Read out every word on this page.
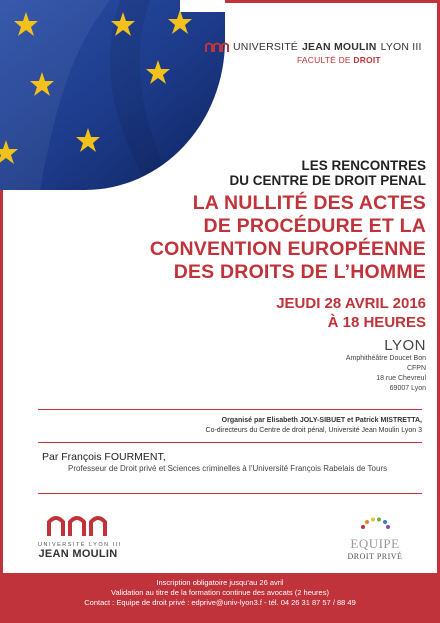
UNIVERSITÉ JEAN MOULIN LYON III
FACULTÉ DE DROIT
LES RENCONTRES
DU CENTRE DE DROIT PENAL
LA NULLITÉ DES ACTES
DE PROCÉDURE ET LA
CONVENTION EUROPÉENNE
DES DROITS DE L’HOMME
JEUDI 28 AVRIL 2016
À 18 HEURES
LYON
Amphithéâtre Doucet Bon
CFPN
18 rue Chevreul
69007 Lyon
Organisé par Elisabeth JOLY-SIBUET et Patrick MISTRETTA,
Co-directeurs du Centre de droit pénal, Université Jean Moulin Lyon 3
Par François FOURMENT,
Professeur de Droit privé et Sciences criminelles à l’Université François Rabelais de Tours
UNIVERSITÉ LYON III
JEAN MOULIN
EQUIPE
DROIT PRIVÉ
Inscription obligatoire jusqu’au 26 avril
Validation au titre de la formation continue des avocats (2 heures)
Contact : Equipe de droit privé : edprive@univ-lyon3.f - tél. 04 26 31 87 57 / 88 49
